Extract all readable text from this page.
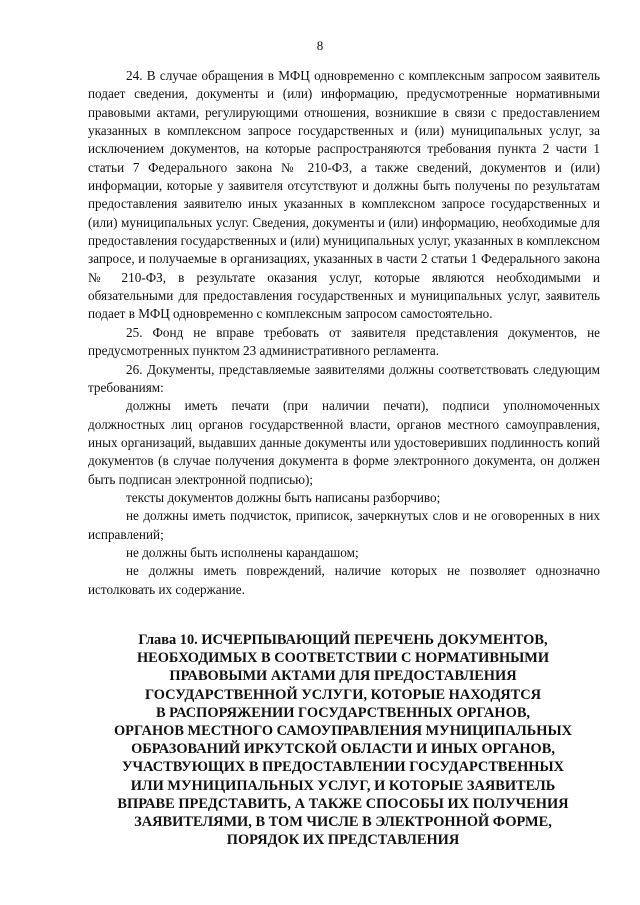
8

24. В случае обращения в МФЦ одновременно с комплексным запросом заявитель подает сведения, документы и (или) информацию, предусмотренные нормативными правовыми актами, регулирующими отношения, возникшие в связи с предоставлением указанных в комплексном запросе государственных и (или) муниципальных услуг, за исключением документов, на которые распространяются требования пункта 2 части 1 статьи 7 Федерального закона № 210-ФЗ, а также сведений, документов и (или) информации, которые у заявителя отсутствуют и должны быть получены по результатам предоставления заявителю иных указанных в комплексном запросе государственных и (или) муниципальных услуг. Сведения, документы и (или) информацию, необходимые для предоставления государственных и (или) муниципальных услуг, указанных в комплексном запросе, и получаемые в организациях, указанных в части 2 статьи 1 Федерального закона № 210-ФЗ, в результате оказания услуг, которые являются необходимыми и обязательными для предоставления государственных и муниципальных услуг, заявитель подает в МФЦ одновременно с комплексным запросом самостоятельно.

25. Фонд не вправе требовать от заявителя представления документов, не предусмотренных пунктом 23 административного регламента.

26. Документы, представляемые заявителями должны соответствовать следующим требованиям:

должны иметь печати (при наличии печати), подписи уполномоченных должностных лиц органов государственной власти, органов местного самоуправления, иных организаций, выдавших данные документы или удостоверивших подлинность копий документов (в случае получения документа в форме электронного документа, он должен быть подписан электронной подписью);

тексты документов должны быть написаны разборчиво;

не должны иметь подчисток, приписок, зачеркнутых слов и не оговоренных в них исправлений;

не должны быть исполнены карандашом;

не должны иметь повреждений, наличие которых не позволяет однозначно истолковать их содержание.

Глава 10. ИСЧЕРПЫВАЮЩИЙ ПЕРЕЧЕНЬ ДОКУМЕНТОВ,
НЕОБХОДИМЫХ В СООТВЕТСТВИИ С НОРМАТИВНЫМИ
ПРАВОВЫМИ АКТАМИ ДЛЯ ПРЕДОСТАВЛЕНИЯ
ГОСУДАРСТВЕННОЙ УСЛУГИ, КОТОРЫЕ НАХОДЯТСЯ
В РАСПОРЯЖЕНИИ ГОСУДАРСТВЕННЫХ ОРГАНОВ,
ОРГАНОВ МЕСТНОГО САМОУПРАВЛЕНИЯ МУНИЦИПАЛЬНЫХ
ОБРАЗОВАНИЙ ИРКУТСКОЙ ОБЛАСТИ И ИНЫХ ОРГАНОВ,
УЧАСТВУЮЩИХ В ПРЕДОСТАВЛЕНИИ ГОСУДАРСТВЕННЫХ
ИЛИ МУНИЦИПАЛЬНЫХ УСЛУГ, И КОТОРЫЕ ЗАЯВИТЕЛЬ
ВПРАВЕ ПРЕДСТАВИТЬ, А ТАКЖЕ СПОСОБЫ ИХ ПОЛУЧЕНИЯ
ЗАЯВИТЕЛЯМИ, В ТОМ ЧИСЛЕ В ЭЛЕКТРОННОЙ ФОРМЕ,
ПОРЯДОК ИХ ПРЕДСТАВЛЕНИЯ
